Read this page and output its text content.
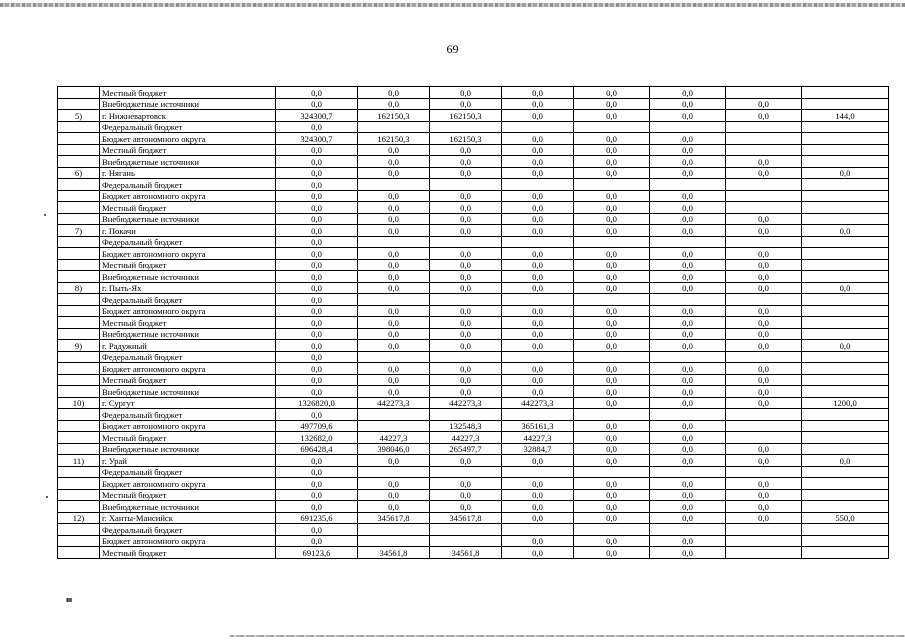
69
	Местный бюджет	0,0	0,0	0,0	0,0	0,0	0,0		
	Внебюджетные источники	0,0	0,0	0,0	0,0	0,0	0,0	0,0	
5)	г. Нижневартовск	324300,7	162150,3	162150,3	0,0	0,0	0,0	0,0	144,0
	Федеральный бюджет	0,0							
	Бюджет автономного округа	324300,7	162150,3	162150,3	0,0	0,0	0,0		
	Местный бюджет	0,0	0,0	0,0	0,0	0,0	0,0		
	Внебюджетные источники	0,0	0,0	0,0	0,0	0,0	0,0	0,0	
6)	г. Нягань	0,0	0,0	0,0	0,0	0,0	0,0	0,0	0,0
	Федеральный бюджет	0,0							
	Бюджет автономного округа	0,0	0,0	0,0	0,0	0,0	0,0		
	Местный бюджет	0,0	0,0	0,0	0,0	0,0	0,0		
	Внебюджетные источники	0,0	0,0	0,0	0,0	0,0	0,0	0,0	
7)	г. Покачи	0,0	0,0	0,0	0,0	0,0	0,0	0,0	0,0
	Федеральный бюджет	0,0							
	Бюджет автономного округа	0,0	0,0	0,0	0,0	0,0	0,0	0,0	
	Местный бюджет	0,0	0,0	0,0	0,0	0,0	0,0	0,0	
	Внебюджетные источники	0,0	0,0	0,0	0,0	0,0	0,0	0,0	
8)	г. Пыть-Ях	0,0	0,0	0,0	0,0	0,0	0,0	0,0	0,0
	Федеральный бюджет	0,0							
	Бюджет автономного округа	0,0	0,0	0,0	0,0	0,0	0,0	0,0	
	Местный бюджет	0,0	0,0	0,0	0,0	0,0	0,0	0,0	
	Внебюджетные источники	0,0	0,0	0,0	0,0	0,0	0,0	0,0	
9)	г. Радужный	0,0	0,0	0,0	0,0	0,0	0,0	0,0	0,0
	Федеральный бюджет	0,0							
	Бюджет автономного округа	0,0	0,0	0,0	0,0	0,0	0,0	0,0	
	Местный бюджет	0,0	0,0	0,0	0,0	0,0	0,0	0,0	
	Внебюджетные источники	0,0	0,0	0,0	0,0	0,0	0,0	0,0	
10)	г. Сургут	1326820,0	442273,3	442273,3	442273,3	0,0	0,0	0,0	1200,0
	Федеральный бюджет	0,0							
	Бюджет автономного округа	497709,6		132548,3	365161,3	0,0	0,0		
	Местный бюджет	132682,0	44227,3	44227,3	44227,3	0,0	0,0		
	Внебюджетные источники	696428,4	398046,0	265497,7	32884,7	0,0	0,0	0,0	
11)	г. Урай	0,0	0,0	0,0	0,0	0,0	0,0	0,0	0,0
	Федеральный бюджет	0,0							
	Бюджет автономного округа	0,0	0,0	0,0	0,0	0,0	0,0	0,0	
	Местный бюджет	0,0	0,0	0,0	0,0	0,0	0,0	0,0	
	Внебюджетные источники	0,0	0,0	0,0	0,0	0,0	0,0	0,0	
12)	г. Ханты-Мансийск	691235,6	345617,8	345617,8	0,0	0,0	0,0	0,0	550,0
	Федеральный бюджет	0,0							
	Бюджет автономного округа	0,0			0,0	0,0	0,0		
	Местный бюджет	69123,6	34561,8	34561,8	0,0	0,0	0,0		
ııı
